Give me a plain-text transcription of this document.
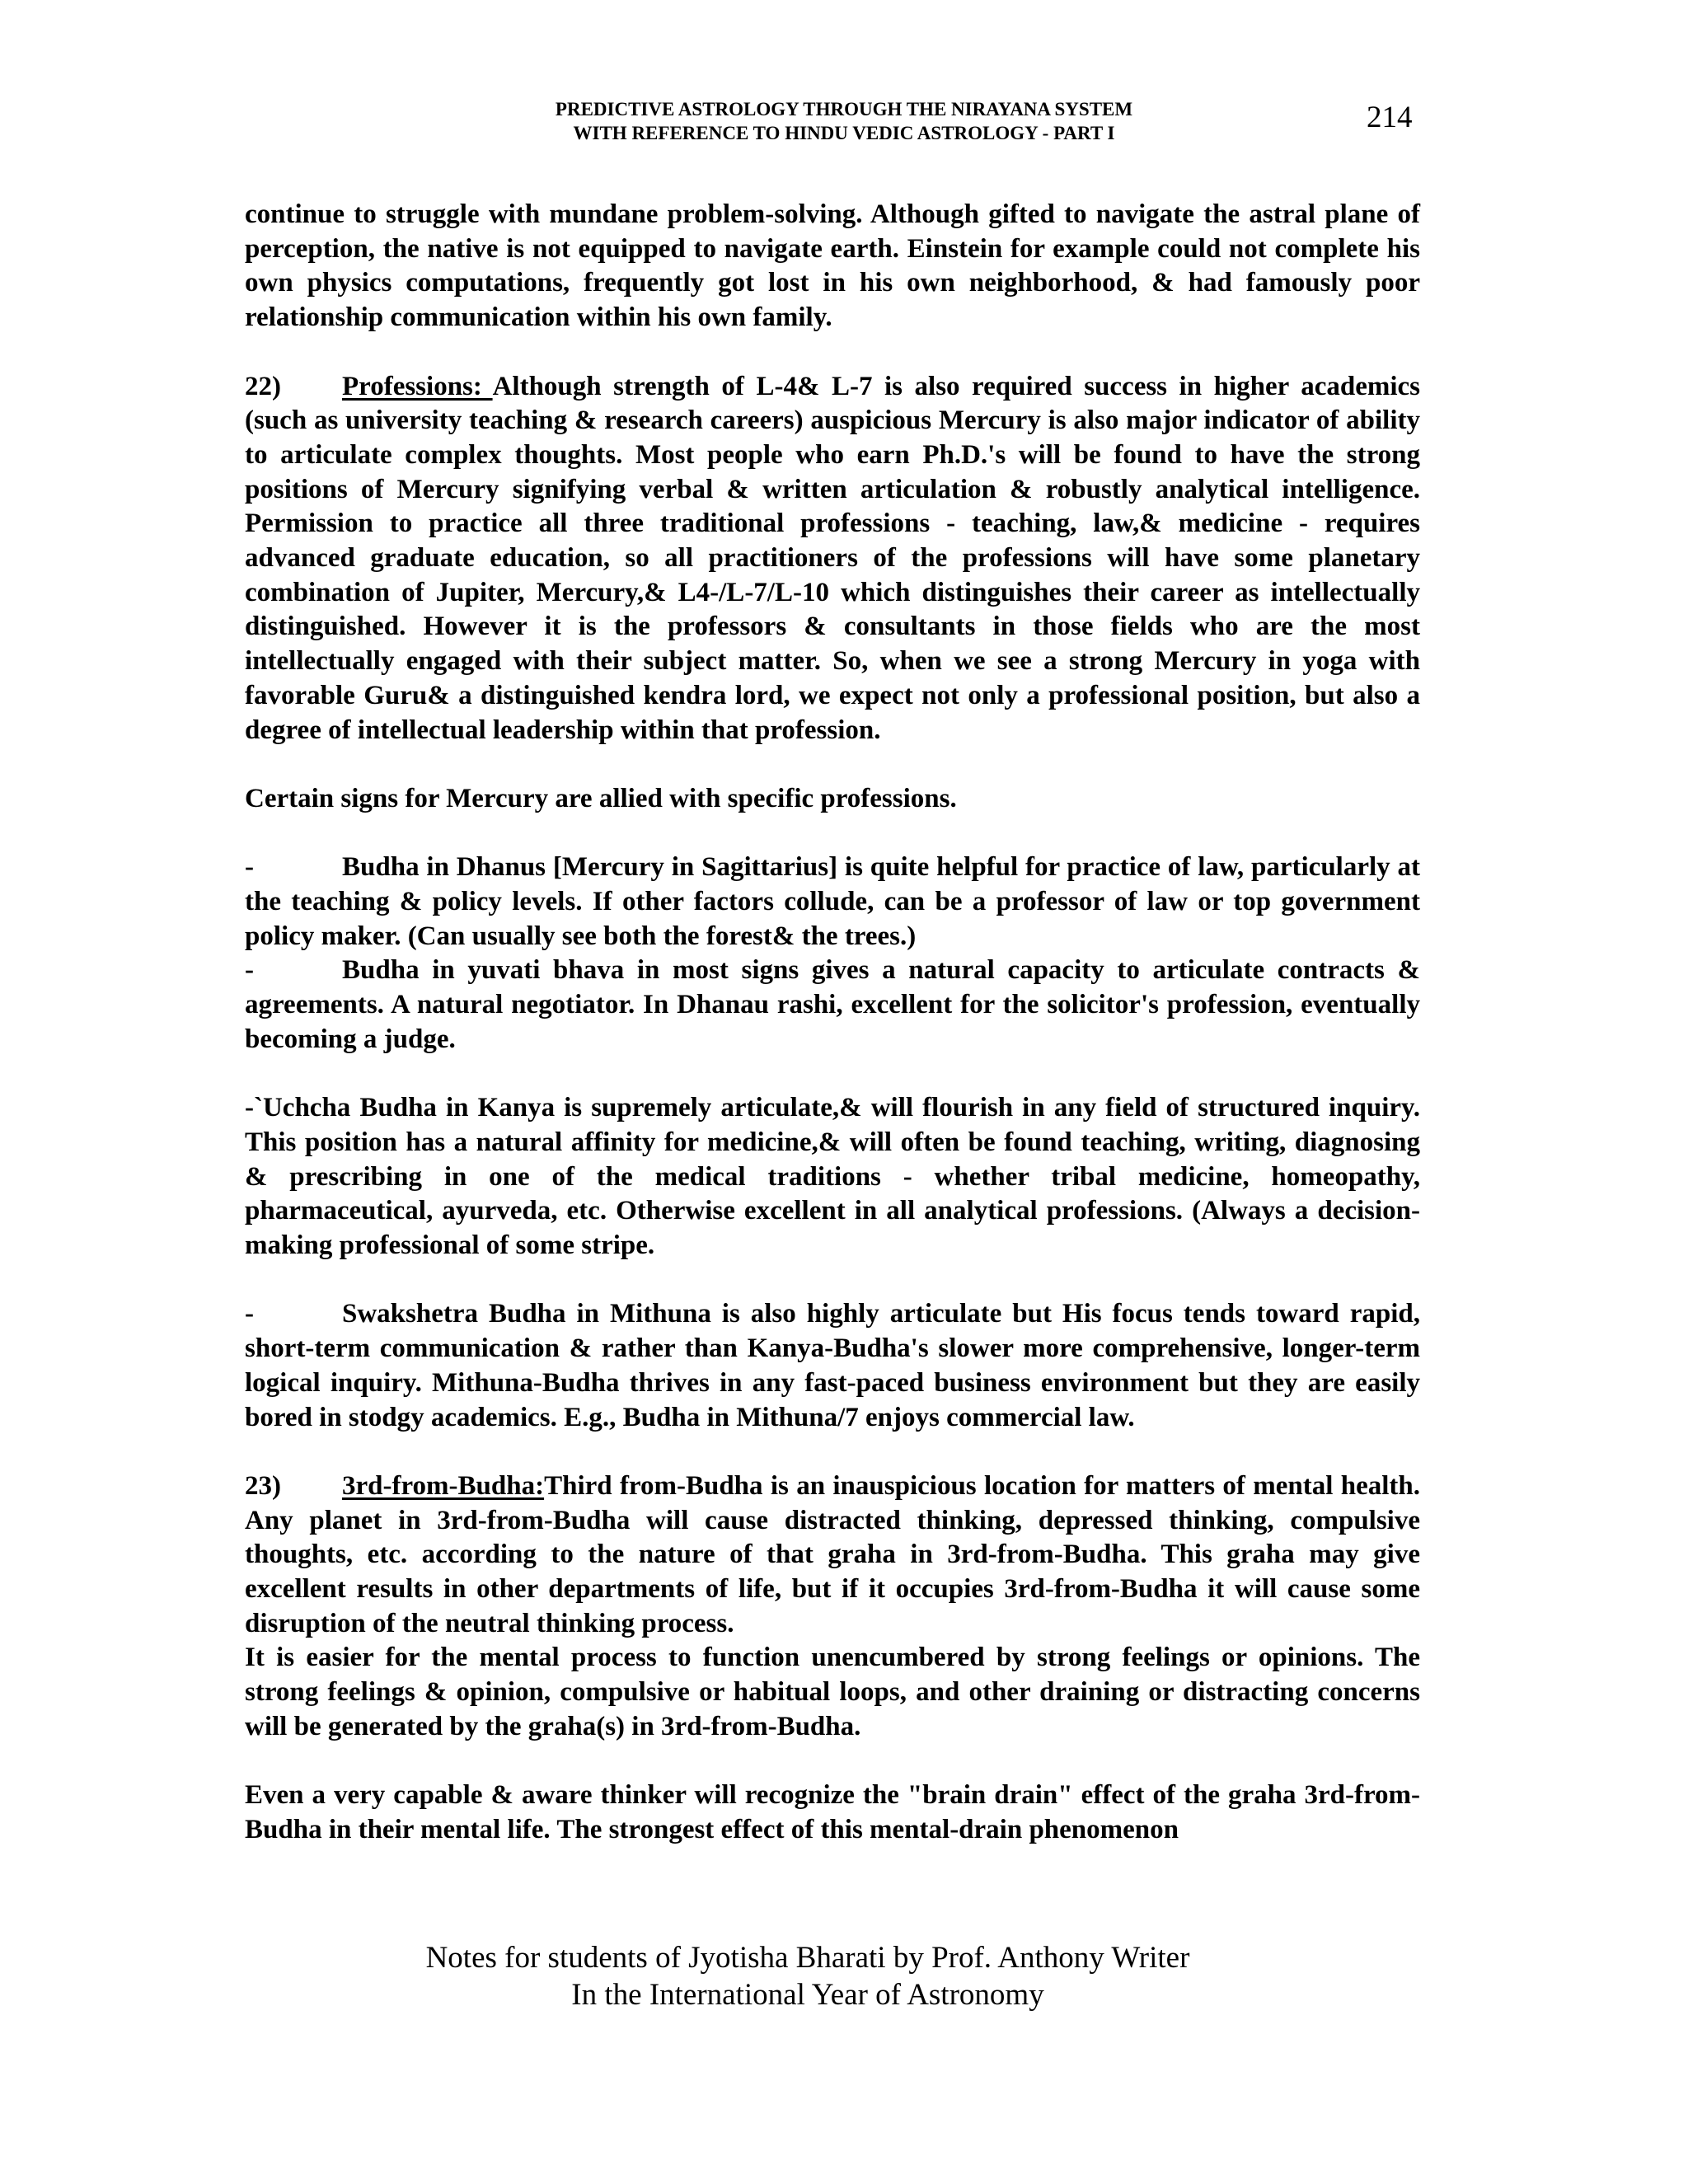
PREDICTIVE ASTROLOGY THROUGH THE NIRAYANA SYSTEM
WITH REFERENCE TO HINDU VEDIC ASTROLOGY - PART I	214

continue to struggle with mundane problem-solving. Although gifted to navigate the astral plane of perception, the native is not equipped to navigate earth. Einstein for example could not complete his own physics computations, frequently got lost in his own neighborhood, & had famously poor relationship communication within his own family.

22) Professions: Although strength of L-4& L-7 is also required success in higher academics (such as university teaching & research careers) auspicious Mercury is also major indicator of ability to articulate complex thoughts. Most people who earn Ph.D.'s will be found to have the strong positions of Mercury signifying verbal & written articulation & robustly analytical intelligence. Permission to practice all three traditional professions - teaching, law,& medicine - requires advanced graduate education, so all practitioners of the professions will have some planetary combination of Jupiter, Mercury,& L4-/L-7/L-10 which distinguishes their career as intellectually distinguished. However it is the professors & consultants in those fields who are the most intellectually engaged with their subject matter. So, when we see a strong Mercury in yoga with favorable Guru& a distinguished kendra lord, we expect not only a professional position, but also a degree of intellectual leadership within that profession.

Certain signs for Mercury are allied with specific professions.

-	Budha in Dhanus [Mercury in Sagittarius] is quite helpful for practice of law, particularly at the teaching & policy levels. If other factors collude, can be a professor of law or top government policy maker. (Can usually see both the forest& the trees.)

-	Budha in yuvati bhava in most signs gives a natural capacity to articulate contracts & agreements. A natural negotiator. In Dhanau rashi, excellent for the solicitor's profession, eventually becoming a judge.

-`Uchcha Budha in Kanya is supremely articulate,& will flourish in any field of structured inquiry. This position has a natural affinity for medicine,& will often be found teaching, writing, diagnosing & prescribing in one of the medical traditions - whether tribal medicine, homeopathy, pharmaceutical, ayurveda, etc. Otherwise excellent in all analytical professions. (Always a decision-making professional of some stripe.

-	Swakshetra Budha in Mithuna is also highly articulate but His focus tends toward rapid, short-term communication & rather than Kanya-Budha's slower more comprehensive, longer-term logical inquiry. Mithuna-Budha thrives in any fast-paced business environment but they are easily bored in stodgy academics. E.g., Budha in Mithuna/7 enjoys commercial law.

23) 3rd-from-Budha:Third from-Budha is an inauspicious location for matters of mental health. Any planet in 3rd-from-Budha will cause distracted thinking, depressed thinking, compulsive thoughts, etc. according to the nature of that graha in 3rd-from-Budha. This graha may give excellent results in other departments of life, but if it occupies 3rd-from-Budha it will cause some disruption of the neutral thinking process.

It is easier for the mental process to function unencumbered by strong feelings or opinions. The strong feelings & opinion, compulsive or habitual loops, and other draining or distracting concerns will be generated by the graha(s) in 3rd-from-Budha.

Even a very capable & aware thinker will recognize the "brain drain" effect of the graha 3rd-from-Budha in their mental life. The strongest effect of this mental-drain phenomenon

Notes for students of Jyotisha Bharati by Prof. Anthony Writer
In the International Year of Astronomy
